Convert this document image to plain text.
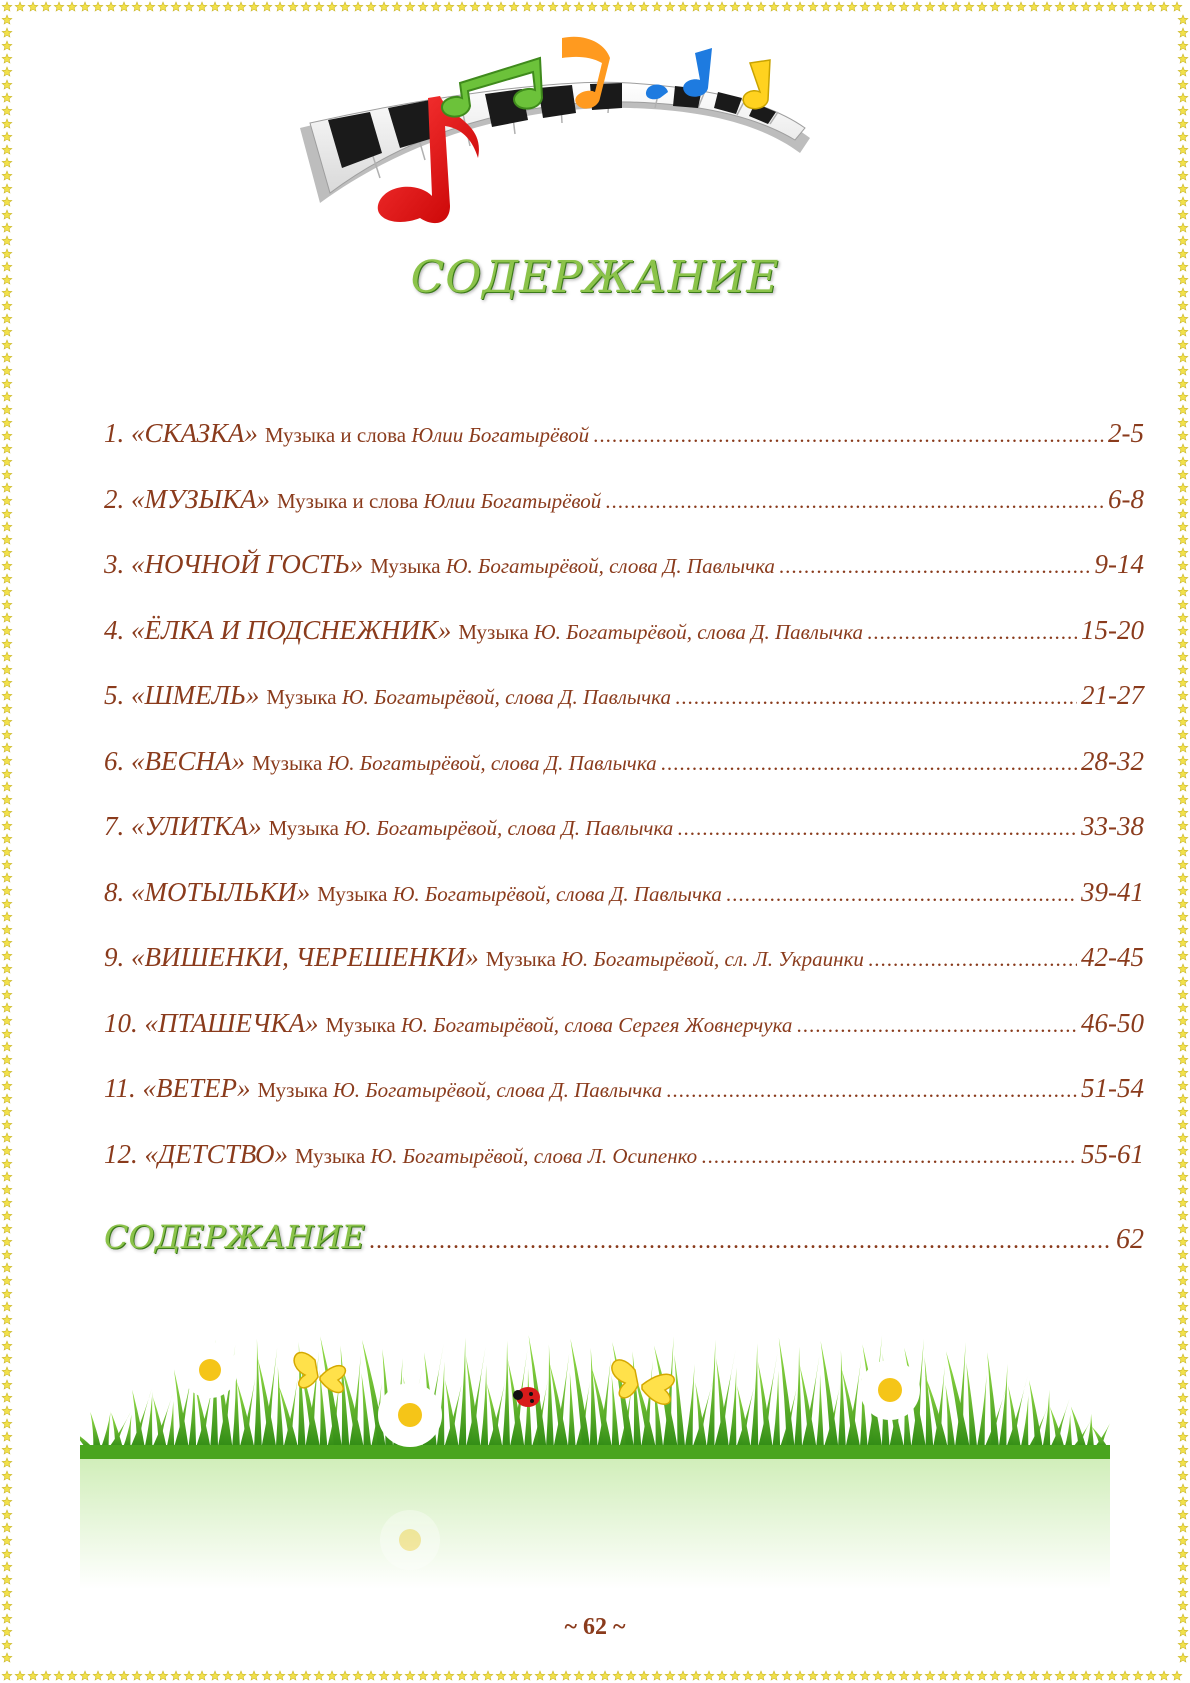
СОДЕРЖАНИЕ
1. «СКАЗКА» Музыка и слова Юлии Богатырёвой .....	2-5
2. «МУЗЫКА» Музыка и слова Юлии Богатырёвой .....	6-8
3. «НОЧНОЙ ГОСТЬ» Музыка Ю. Богатырёвой, слова Д. Павлычка .....	9-14
4. «ЁЛКА И ПОДСНЕЖНИК» Музыка Ю. Богатырёвой, слова Д. Павлычка .....	15-20
5. «ШМЕЛЬ» Музыка Ю. Богатырёвой, слова Д. Павлычка .....	21-27
6. «ВЕСНА» Музыка Ю. Богатырёвой, слова Д. Павлычка .....	28-32
7. «УЛИТКА» Музыка Ю. Богатырёвой, слова Д. Павлычка .....	33-38
8. «МОТЫЛЬКИ» Музыка Ю. Богатырёвой, слова Д. Павлычка .....	39-41
9. «ВИШЕНКИ, ЧЕРЕШЕНКИ» Музыка Ю. Богатырёвой, сл. Л. Украинки .....	42-45
10. «ПТАШЕЧКА» Музыка Ю. Богатырёвой, слова Сергея Жовнерчука .....	46-50
11. «ВЕТЕР» Музыка Ю. Богатырёвой, слова Д. Павлычка .....	51-54
12. «ДЕТСТВО» Музыка Ю. Богатырёвой, слова Л. Осипенко .....	55-61
СОДЕРЖАНИЕ .....	62
~ 62 ~
